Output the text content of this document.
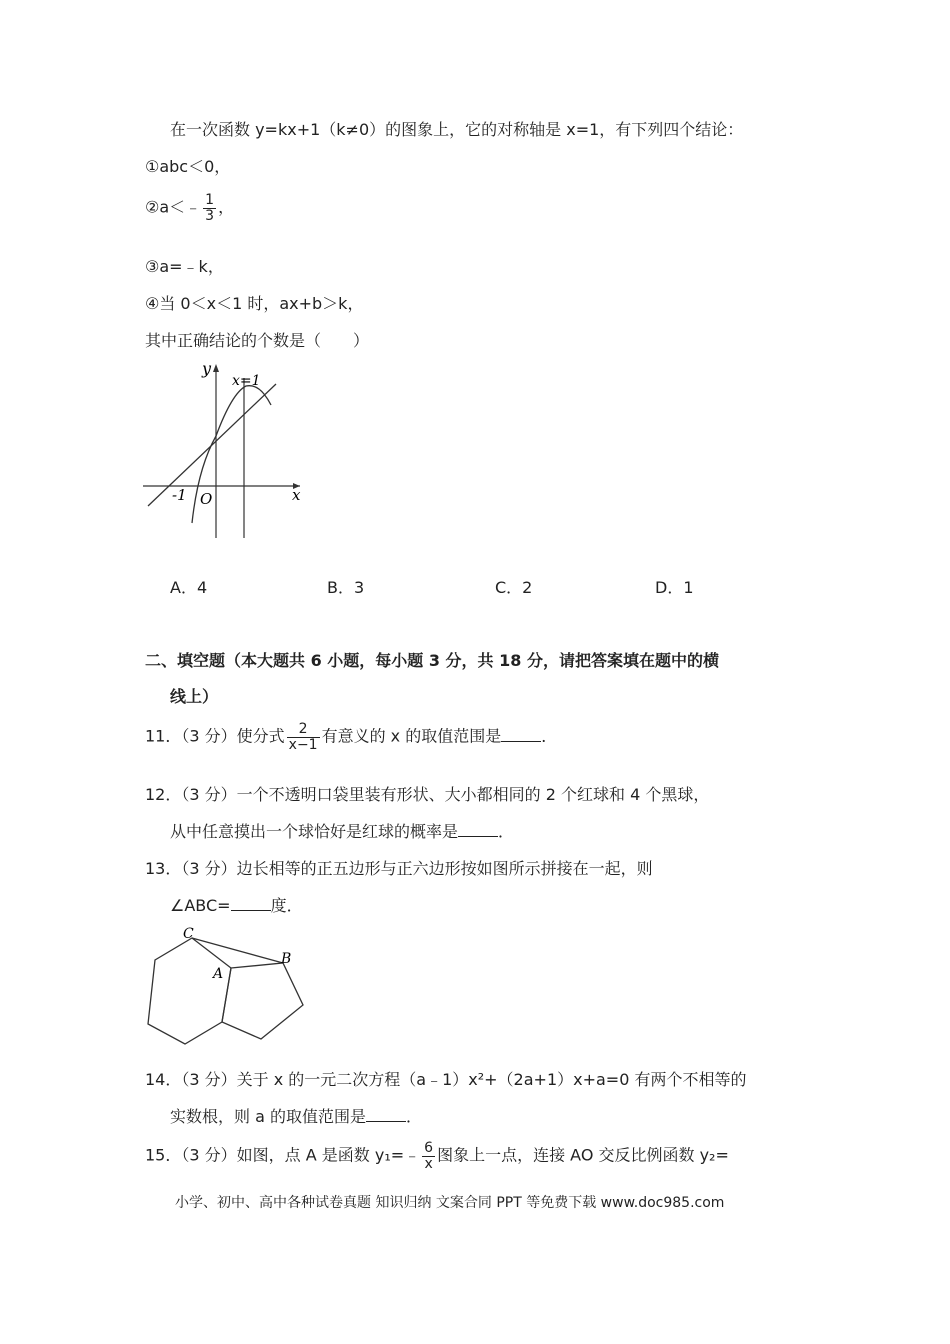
在一次函数 y=kx+1（k≠0）的图象上，它的对称轴是 x=1，有下列四个结论：
①abc＜0，
②a＜﹣ $\frac{1}{3}$ ，
③a=﹣k，
④当 0＜x＜1 时，ax+b＞k，
其中正确结论的个数是（　　）
y
x=1
x
-1 O
A．4	B．3	C．2	D．1
二、填空题（本大题共 6 小题，每小题 3 分，共 18 分，请把答案填在题中的横
线上）
11．（3 分）使分式 $\frac{2}{x-1}$ 有意义的 x 的取值范围是	．
12．（3 分）一个不透明口袋里装有形状、大小都相同的 2 个红球和 4 个黑球，
从中任意摸出一个球恰好是红球的概率是	．
13．（3 分）边长相等的正五边形与正六边形按如图所示拼接在一起，则
∠ABC=	度．
C
A
B
14．（3 分）关于 x 的一元二次方程（a﹣1）x²+（2a+1）x+a=0 有两个不相等的
实数根，则 a 的取值范围是	．
15．（3 分）如图，点 A 是函数 y₁=﹣ $\frac{6}{x}$ 图象上一点，连接 AO 交反比例函数 y₂=
小学、初中、高中各种试卷真题 知识归纳 文案合同 PPT 等免费下载 www.doc985.com
